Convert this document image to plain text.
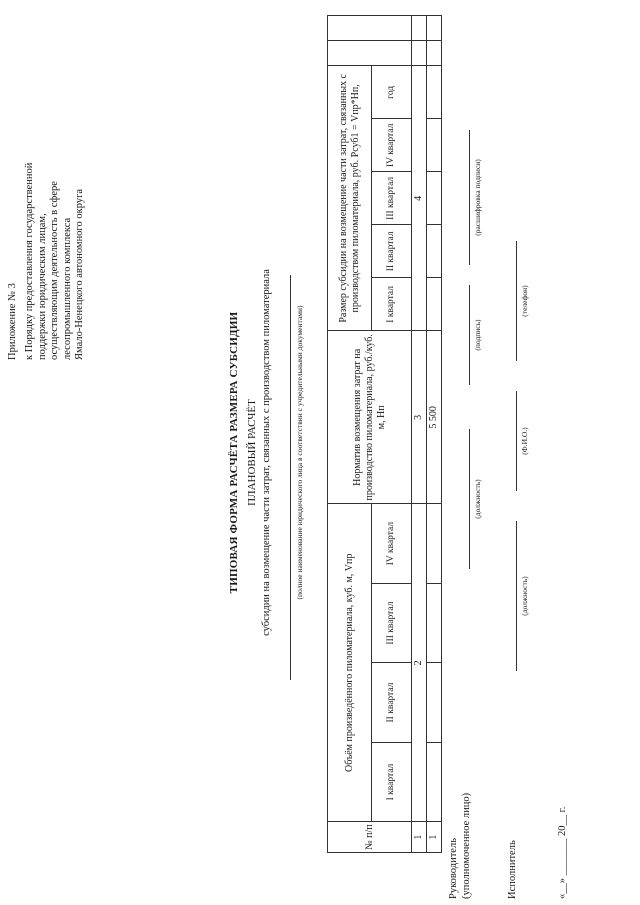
Приложение № 3 к Порядку предоставления государственной поддержки юридическим лицам, осуществляющим деятельность в сфере лесопромышленного комплекса Ямало-Ненецкого автономного округа
ТИПОВАЯ ФОРМА РАСЧЁТА РАЗМЕРА СУБСИДИИ ПЛАНОВЫЙ РАСЧЁТ субсидии на возмещение части затрат, связанных с производством пиломатериала	(полное наименование юридического лица в соответствии с учредительными документами)
№ п/п	Объём произведённого пиломатериала, куб. м, Vпр				Норматив возмещения затрат на производство пиломатериала, руб./куб. м, Нп	Размер субсидии на возмещение части затрат, связанных с производством пиломатериала, руб. Рсуб1 = Vпр*Нп,						
	I квартал	II квартал	III квартал	IV квартал		I квартал	II квартал	III квартал	IV квартал	год		
1	2				3	4						
1					5 500							
Руководитель (уполномоченное лицо)
(должность)
(подпись)
(расшифровка подписи)
Исполнитель
(должность)
(Ф.И.О.)
(телефон)
«__» _______ 20__ г.
